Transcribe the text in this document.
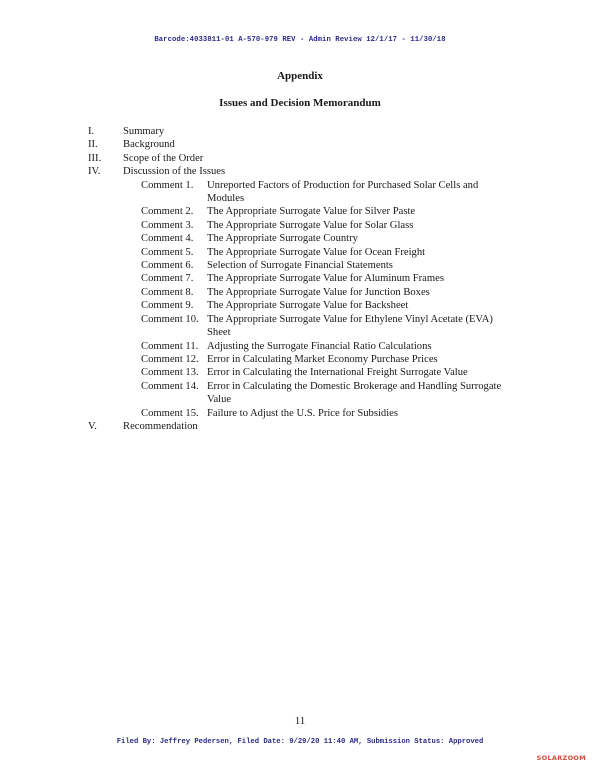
Barcode:4033811-01 A-570-979 REV - Admin Review 12/1/17 - 11/30/18
Appendix
Issues and Decision Memorandum
I.	Summary
II.	Background
III.	Scope of the Order
IV.	Discussion of the Issues
Comment 1.	Unreported Factors of Production for Purchased Solar Cells and Modules
Comment 2.	The Appropriate Surrogate Value for Silver Paste
Comment 3.	The Appropriate Surrogate Value for Solar Glass
Comment 4.	The Appropriate Surrogate Country
Comment 5.	The Appropriate Surrogate Value for Ocean Freight
Comment 6.	Selection of Surrogate Financial Statements
Comment 7.	The Appropriate Surrogate Value for Aluminum Frames
Comment 8.	The Appropriate Surrogate Value for Junction Boxes
Comment 9.	The Appropriate Surrogate Value for Backsheet
Comment 10. The Appropriate Surrogate Value for Ethylene Vinyl Acetate (EVA) Sheet
Comment 11. Adjusting the Surrogate Financial Ratio Calculations
Comment 12. Error in Calculating Market Economy Purchase Prices
Comment 13. Error in Calculating the International Freight Surrogate Value
Comment 14. Error in Calculating the Domestic Brokerage and Handling Surrogate Value
Comment 15. Failure to Adjust the U.S. Price for Subsidies
V.	Recommendation
11
Filed By: Jeffrey Pedersen, Filed Date: 9/29/20 11:40 AM, Submission Status: Approved
SOLARZOOM
